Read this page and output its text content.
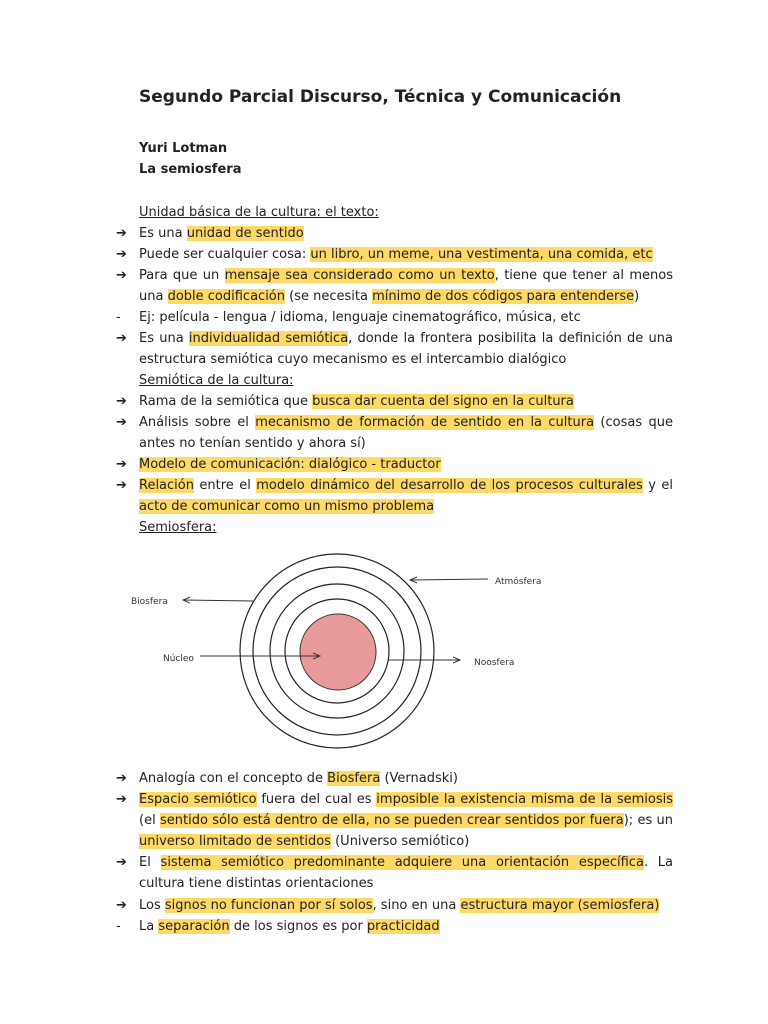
Segundo Parcial Discurso, Técnica y Comunicación

Yuri Lotman

La semiosfera

Unidad básica de la cultura: el texto:
➔ Es una unidad de sentido
➔ Puede ser cualquier cosa: un libro, un meme, una vestimenta, una comida, etc
➔ Para que un mensaje sea considerado como un texto, tiene que tener al menos una doble codificación (se necesita mínimo de dos códigos para entenderse)
-	Ej: película - lengua / idioma, lenguaje cinematográfico, música, etc
➔ Es una individualidad semiótica, donde la frontera posibilita la definición de una estructura semiótica cuyo mecanismo es el intercambio dialógico
Semiótica de la cultura:
➔ Rama de la semiótica que busca dar cuenta del signo en la cultura
➔ Análisis sobre el mecanismo de formación de sentido en la cultura (cosas que antes no tenían sentido y ahora sí)
➔ Modelo de comunicación: dialógico - traductor
➔ Relación entre el modelo dinámico del desarrollo de los procesos culturales y el acto de comunicar como un mismo problema
Semiosfera:
Biosfera
Atmósfera
Núcleo	Noosfera
➔ Analogía con el concepto de Biosfera (Vernadski)
➔ Espacio semiótico fuera del cual es imposible la existencia misma de la semiosis (el sentido sólo está dentro de ella, no se pueden crear sentidos por fuera); es un universo limitado de sentidos (Universo semiótico)
➔ El sistema semiótico predominante adquiere una orientación específica. La cultura tiene distintas orientaciones
➔ Los signos no funcionan por sí solos, sino en una estructura mayor (semiosfera)
-	La separación de los signos es por practicidad
